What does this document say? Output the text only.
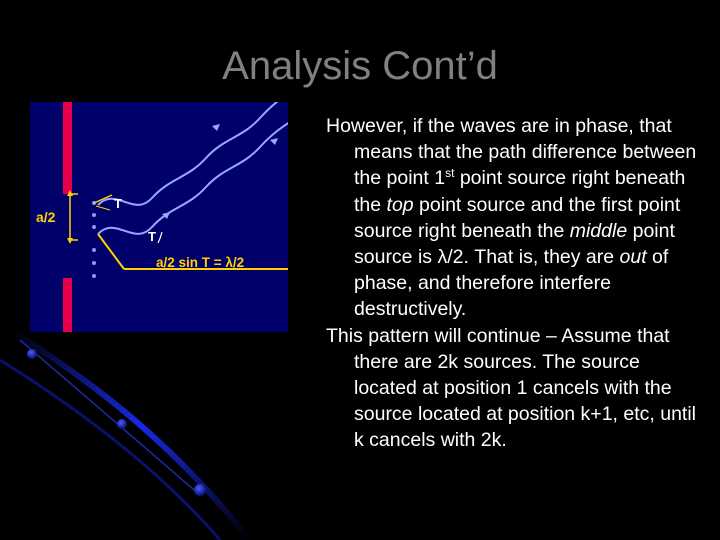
Analysis Cont’d
a/2
T
T
a/2 sin T = λ/2

However, if the waves are in phase, that means that the path difference between the point 1st point source right beneath the top point source and the first point source right beneath the middle point source is λ/2. That is, they are out of phase, and therefore interfere destructively.

This pattern will continue – Assume that there are 2k sources. The source located at position 1 cancels with the source located at position k+1, etc, until k cancels with 2k.
